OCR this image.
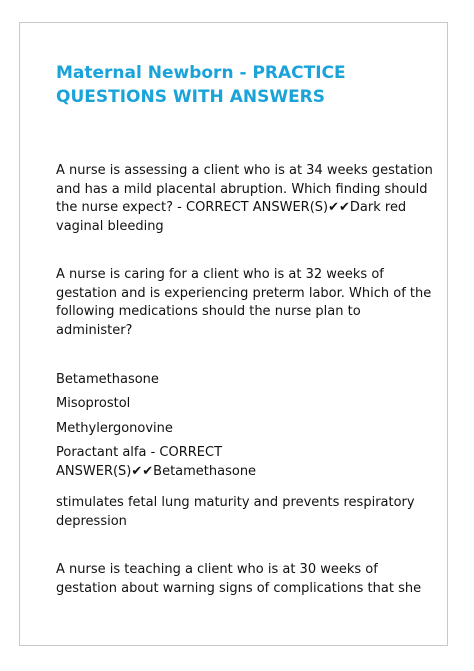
Maternal Newborn - PRACTICE
QUESTIONS WITH ANSWERS

A nurse is assessing a client who is at 34 weeks gestation
and has a mild placental abruption. Which finding should
the nurse expect? - CORRECT ANSWER(S)✔✔Dark red
vaginal bleeding

A nurse is caring for a client who is at 32 weeks of
gestation and is experiencing preterm labor. Which of the
following medications should the nurse plan to
administer?

Betamethasone

Misoprostol

Methylergonovine

Poractant alfa - CORRECT ANSWER(S)✔✔Betamethasone

stimulates fetal lung maturity and prevents respiratory
depression

A nurse is teaching a client who is at 30 weeks of
gestation about warning signs of complications that she
